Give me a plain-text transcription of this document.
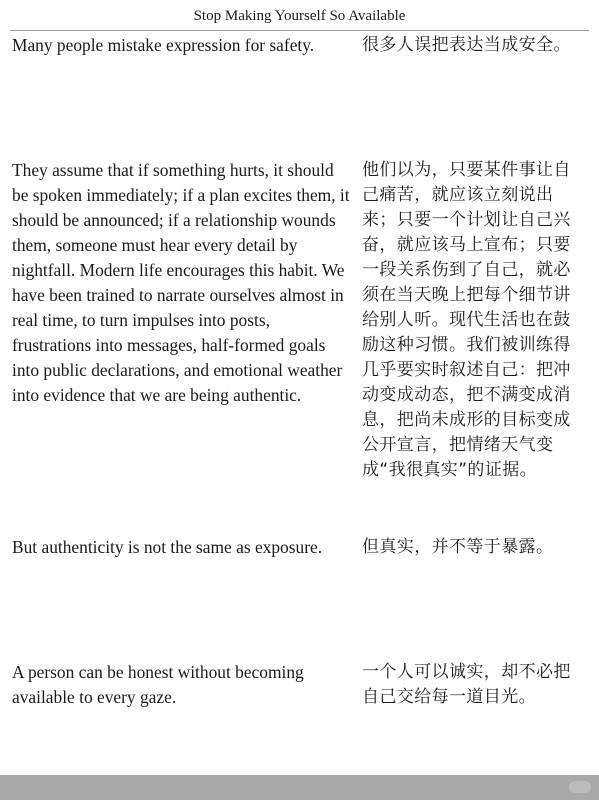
Stop Making Yourself So Available

Many people mistake expression for safety.	很多人误把表达当成安全。

They assume that if something hurts, it should be spoken immediately; if a plan excites them, it should be announced; if a relationship wounds them, someone must hear every detail by nightfall. Modern life encourages this habit. We have been trained to narrate ourselves almost in real time, to turn impulses into posts, frustrations into messages, half-formed goals into public declarations, and emotional weather into evidence that we are being authentic.

他们以为，只要某件事让自己痛苦，就应该立刻说出来；只要一个计划让自己兴奋，就应该马上宣布；只要一段关系伤到了自己，就必须在当天晚上把每个细节讲给别人听。现代生活也在鼓励这种习惯。我们被训练得几乎要实时叙述自己：把冲动变成动态，把不满变成消息，把尚未成形的目标变成公开宣言，把情绪天气变成“我很真实”的证据。

But authenticity is not the same as exposure.	但真实，并不等于暴露。

A person can be honest without becoming available to every gaze.

一个人可以诚实，却不必把自己交给每一道目光。
